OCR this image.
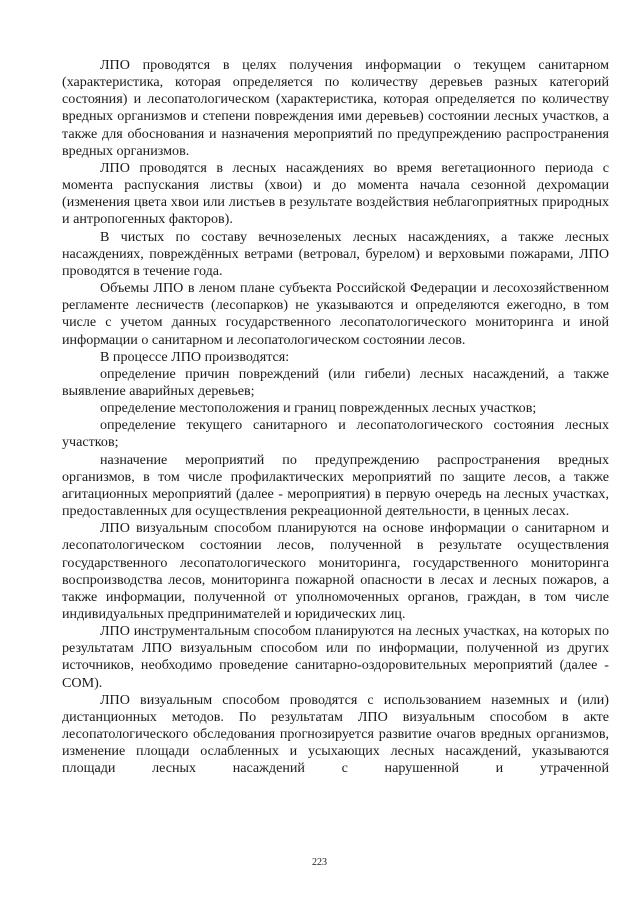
ЛПО проводятся в целях получения информации о текущем санитарном (характеристика, которая определяется по количеству деревьев разных категорий состояния) и лесопатологическом (характеристика, которая определяется по количеству вредных организмов и степени повреждения ими деревьев) состоянии лесных участков, а также для обоснования и назначения мероприятий по предупреждению распространения вредных организмов.

ЛПО проводятся в лесных насаждениях во время вегетационного периода с момента распускания листвы (хвои) и до момента начала сезонной дехромации (изменения цвета хвои или листьев в результате воздействия неблагоприятных природных и антропогенных факторов).

В чистых по составу вечнозеленых лесных насаждениях, а также лесных насаждениях, повреждённых ветрами (ветровал, бурелом) и верховыми пожарами, ЛПО проводятся в течение года.

Объемы ЛПО в леном плане субъекта Российской Федерации и лесохозяйственном регламенте лесничеств (лесопарков) не указываются и определяются ежегодно, в том числе с учетом данных государственного лесопатологического мониторинга и иной информации о санитарном и лесопатологическом состоянии лесов.

В процессе ЛПО производятся:

определение причин повреждений (или гибели) лесных насаждений, а также выявление аварийных деревьев;

определение местоположения и границ поврежденных лесных участков;

определение текущего санитарного и лесопатологического состояния лесных участков;

назначение мероприятий по предупреждению распространения вредных организмов, в том числе профилактических мероприятий по защите лесов, а также агитационных мероприятий (далее - мероприятия) в первую очередь на лесных участках, предоставленных для осуществления рекреационной деятельности, в ценных лесах.

ЛПО визуальным способом планируются на основе информации о санитарном и лесопатологическом состоянии лесов, полученной в результате осуществления государственного лесопатологического мониторинга, государственного мониторинга воспроизводства лесов, мониторинга пожарной опасности в лесах и лесных пожаров, а также информации, полученной от уполномоченных органов, граждан, в том числе индивидуальных предпринимателей и юридических лиц.

ЛПО инструментальным способом планируются на лесных участках, на которых по результатам ЛПО визуальным способом или по информации, полученной из других источников, необходимо проведение санитарно-оздоровительных мероприятий (далее - СОМ).

ЛПО визуальным способом проводятся с использованием наземных и (или) дистанционных методов. По результатам ЛПО визуальным способом в акте лесопатологического обследования прогнозируется развитие очагов вредных организмов, изменение площади ослабленных и усыхающих лесных насаждений, указываются площади лесных насаждений с нарушенной и утраченной

223
